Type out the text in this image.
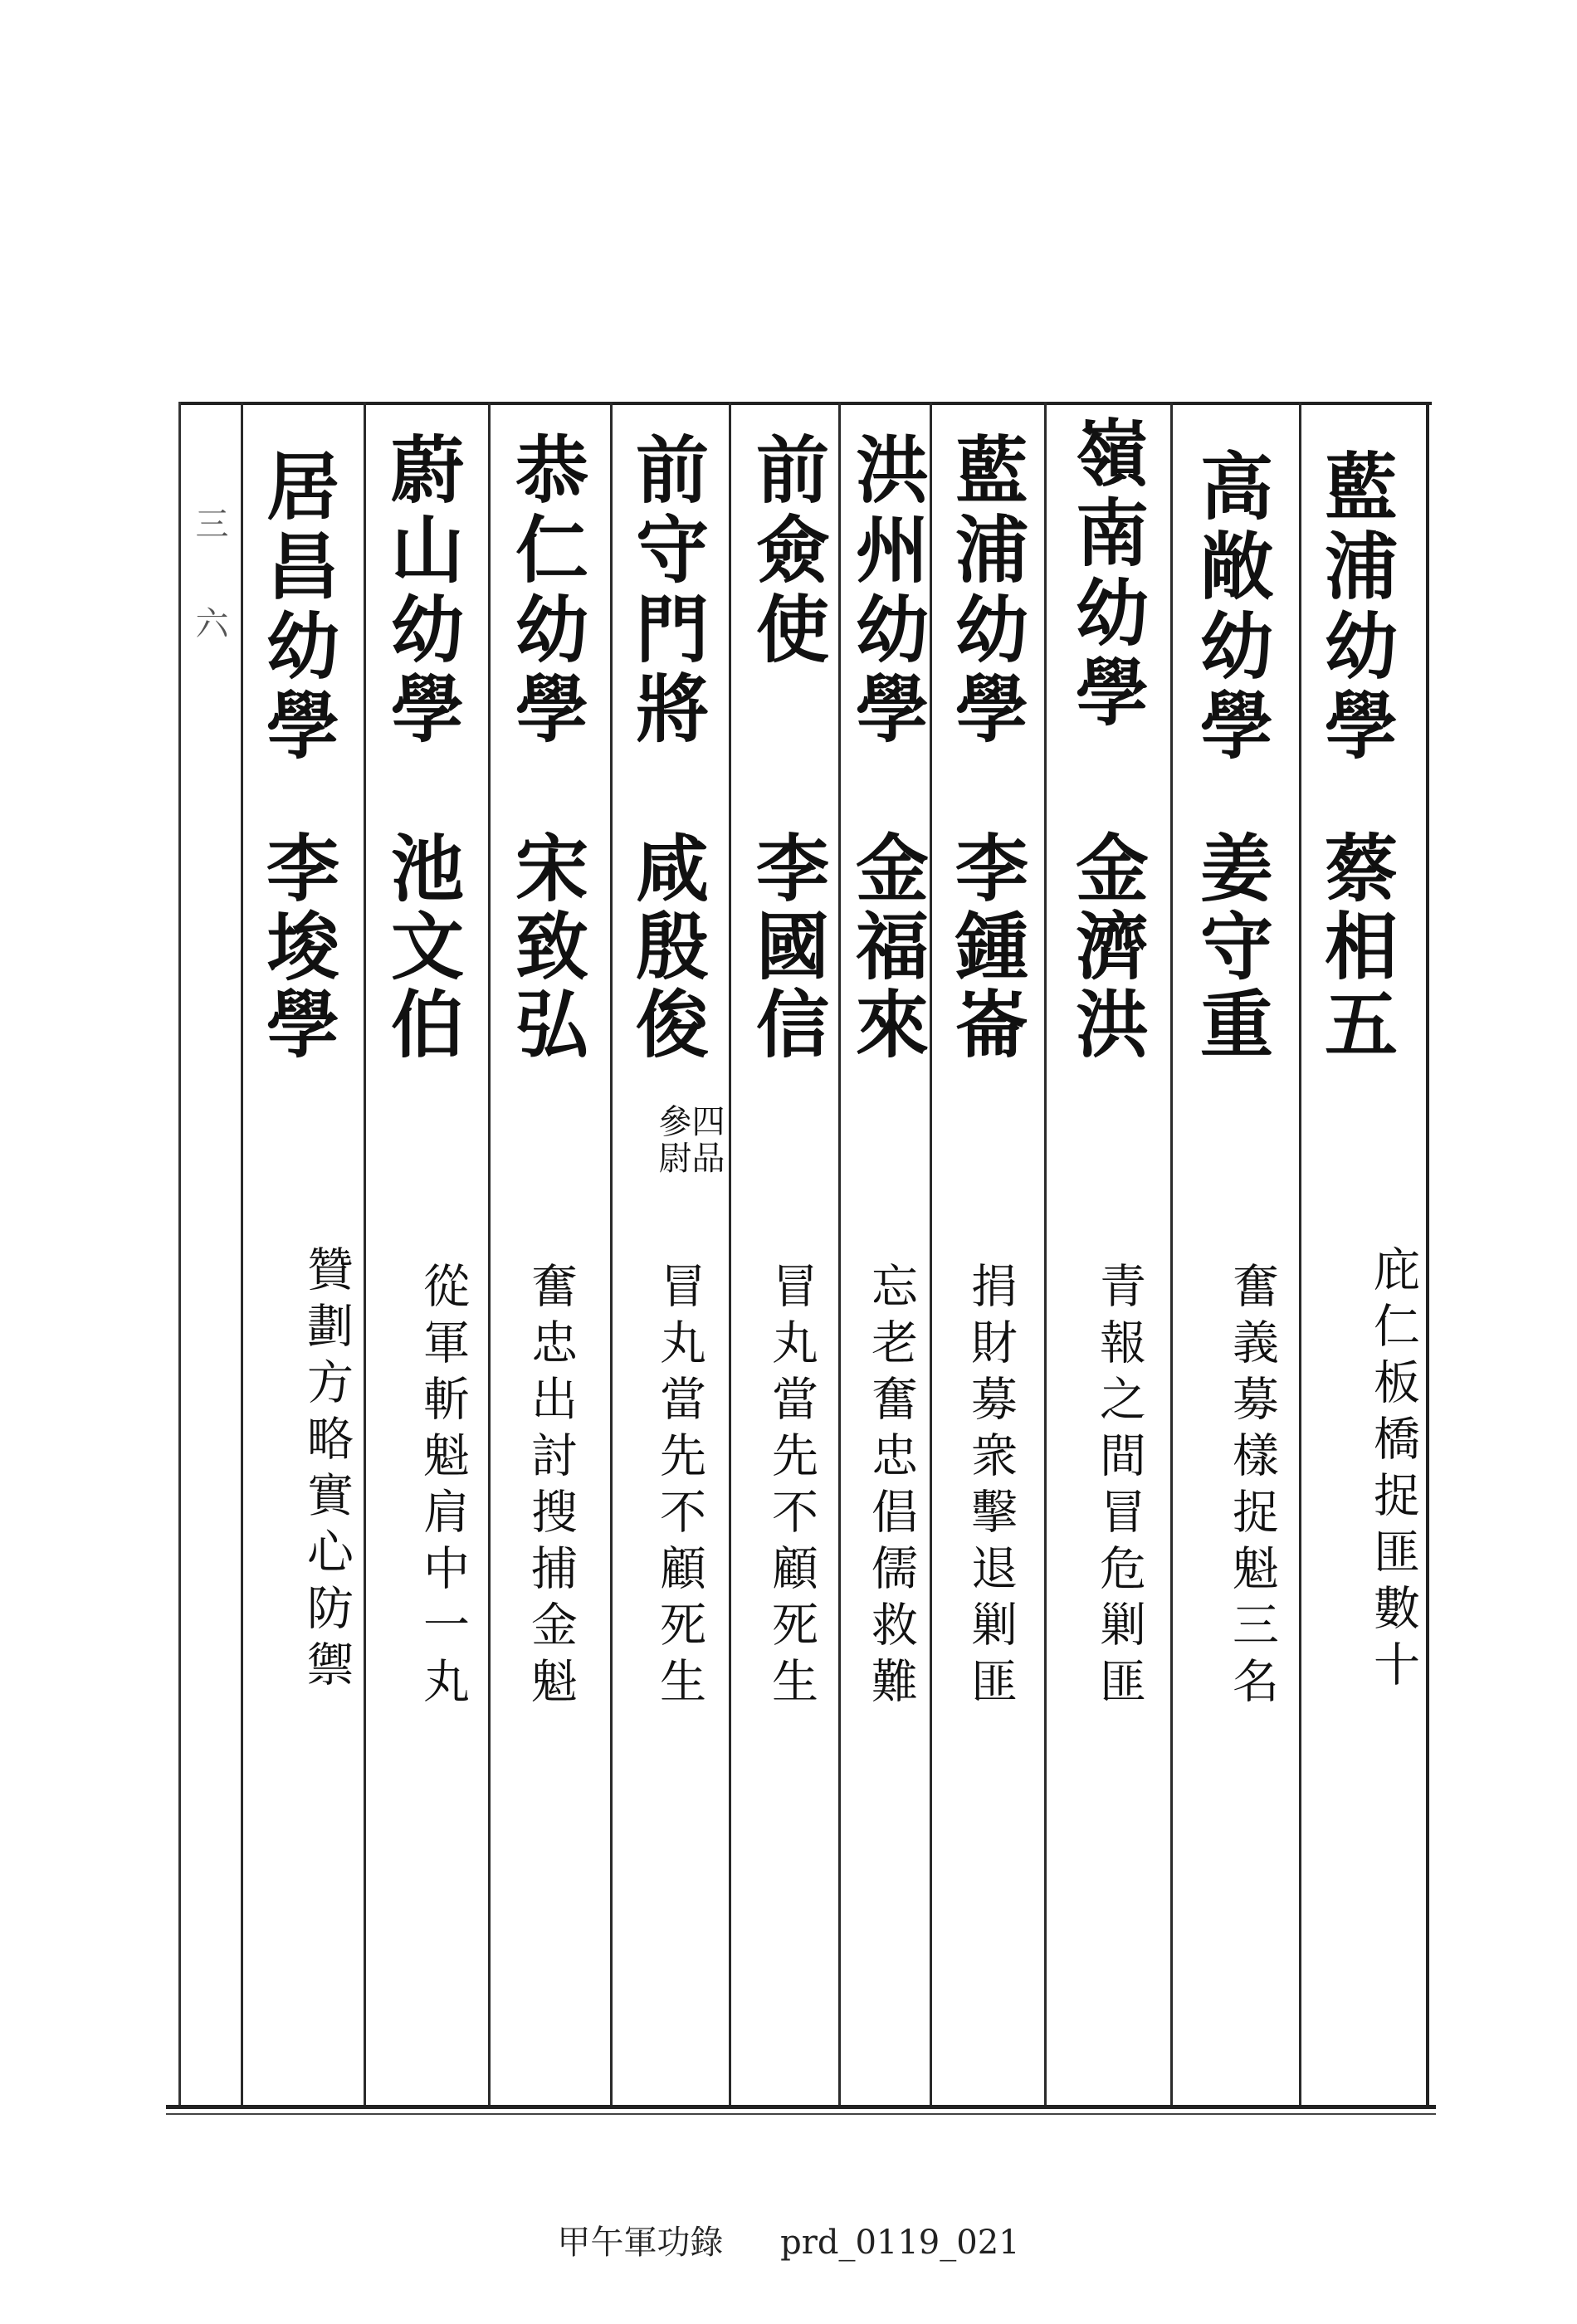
三
六	藍浦幼學
蔡相五
庇仁板橋捉匪數十
高敞幼學
姜守重
奮義募樣捉魁三名
嶺南幼學
金濟洪
青報之間冒危剿匪
藍浦幼學
李鍾崙
捐財募衆擊退剿匪
洪州幼學
金福來
忘老奮忠倡儒救難
前僉使
李國信
冒丸當先不顧死生
前守門將
咸殷俊
四品 參尉
冒丸當先不顧死生
恭仁幼學
宋致弘
奮忠出討搜捕金魁
蔚山幼學
池文伯
從軍斬魁肩中一丸
居昌幼學
李埈學
贊劃方略實心防禦
甲午軍功錄 prd_0119_021
